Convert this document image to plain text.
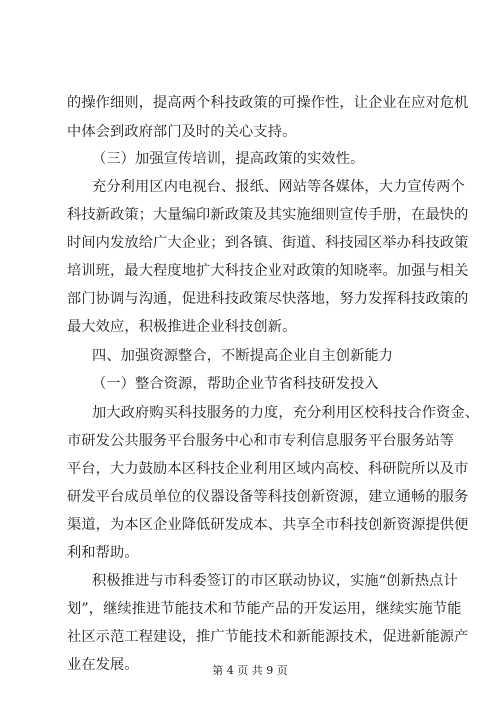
的操作细则，提高两个科技政策的可操作性，让企业在应对危机
中体会到政府部门及时的关心支持。
（三）加强宣传培训，提高政策的实效性。
充分利用区内电视台、报纸、网站等各媒体，大力宣传两个
科技新政策；大量编印新政策及其实施细则宣传手册，在最快的
时间内发放给广大企业；到各镇、街道、科技园区举办科技政策
培训班，最大程度地扩大科技企业对政策的知晓率。加强与相关
部门协调与沟通，促进科技政策尽快落地，努力发挥科技政策的
最大效应，积极推进企业科技创新。
四、加强资源整合，不断提高企业自主创新能力
（一）整合资源，帮助企业节省科技研发投入
加大政府购买科技服务的力度，充分利用区校科技合作资金、
市研发公共服务平台服务中心和市专利信息服务平台服务站等
平台，大力鼓励本区科技企业利用区域内高校、科研院所以及市
研发平台成员单位的仪器设备等科技创新资源，建立通畅的服务
渠道，为本区企业降低研发成本、共享全市科技创新资源提供便
利和帮助。
积极推进与市科委签订的市区联动协议，实施“创新热点计
划”，继续推进节能技术和节能产品的开发运用，继续实施节能
社区示范工程建设，推广节能技术和新能源技术，促进新能源产
业在发展。	第 4 页 共 9 页
